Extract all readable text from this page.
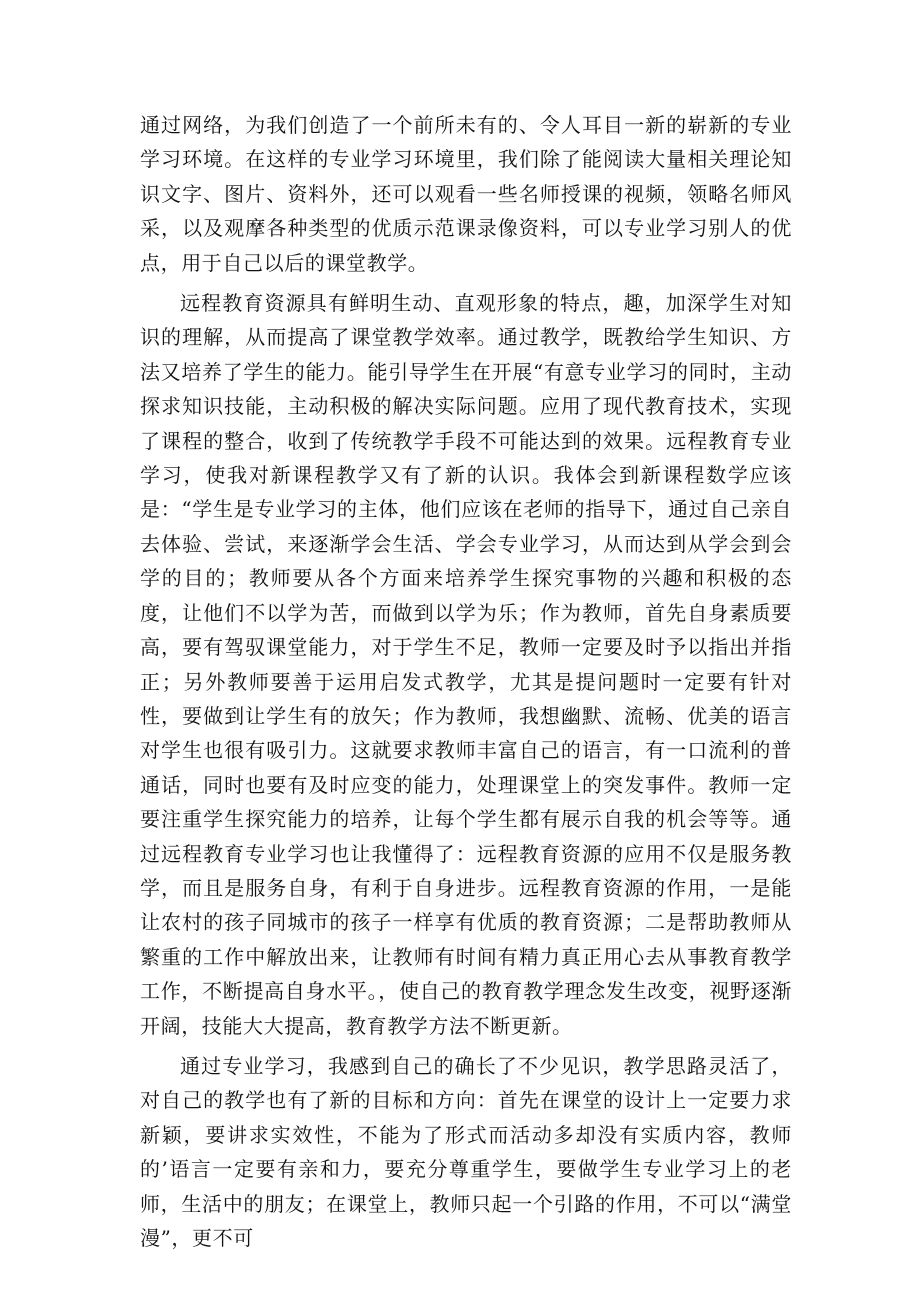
通过网络，为我们创造了一个前所未有的、令人耳目一新的崭新的专业学习环境。在这样的专业学习环境里，我们除了能阅读大量相关理论知识文字、图片、资料外，还可以观看一些名师授课的视频，领略名师风采，以及观摩各种类型的优质示范课录像资料，可以专业学习别人的优点，用于自己以后的课堂教学。

远程教育资源具有鲜明生动、直观形象的特点，趣，加深学生对知识的理解，从而提高了课堂教学效率。通过教学，既教给学生知识、方法又培养了学生的能力。能引导学生在开展“有意专业学习的同时，主动探求知识技能，主动积极的解决实际问题。应用了现代教育技术，实现了课程的整合，收到了传统教学手段不可能达到的效果。远程教育专业学习，使我对新课程教学又有了新的认识。我体会到新课程数学应该是：“学生是专业学习的主体，他们应该在老师的指导下，通过自己亲自去体验、尝试，来逐渐学会生活、学会专业学习，从而达到从学会到会学的目的；教师要从各个方面来培养学生探究事物的兴趣和积极的态度，让他们不以学为苦，而做到以学为乐；作为教师，首先自身素质要高，要有驾驭课堂能力，对于学生不足，教师一定要及时予以指出并指正；另外教师要善于运用启发式教学，尤其是提问题时一定要有针对性，要做到让学生有的放矢；作为教师，我想幽默、流畅、优美的语言对学生也很有吸引力。这就要求教师丰富自己的语言，有一口流利的普通话，同时也要有及时应变的能力，处理课堂上的突发事件。教师一定要注重学生探究能力的培养，让每个学生都有展示自我的机会等等。通过远程教育专业学习也让我懂得了：远程教育资源的应用不仅是服务教学，而且是服务自身，有利于自身进步。远程教育资源的作用，一是能让农村的孩子同城市的孩子一样享有优质的教育资源；二是帮助教师从繁重的工作中解放出来，让教师有时间有精力真正用心去从事教育教学工作，不断提高自身水平。，使自己的教育教学理念发生改变，视野逐渐开阔，技能大大提高，教育教学方法不断更新。

通过专业学习，我感到自己的确长了不少见识，教学思路灵活了，对自己的教学也有了新的目标和方向：首先在课堂的设计上一定要力求新颖，要讲求实效性，不能为了形式而活动多却没有实质内容，教师的’语言一定要有亲和力，要充分尊重学生，要做学生专业学习上的老师，生活中的朋友；在课堂上，教师只起一个引路的作用，不可以“满堂漫”，更不可
